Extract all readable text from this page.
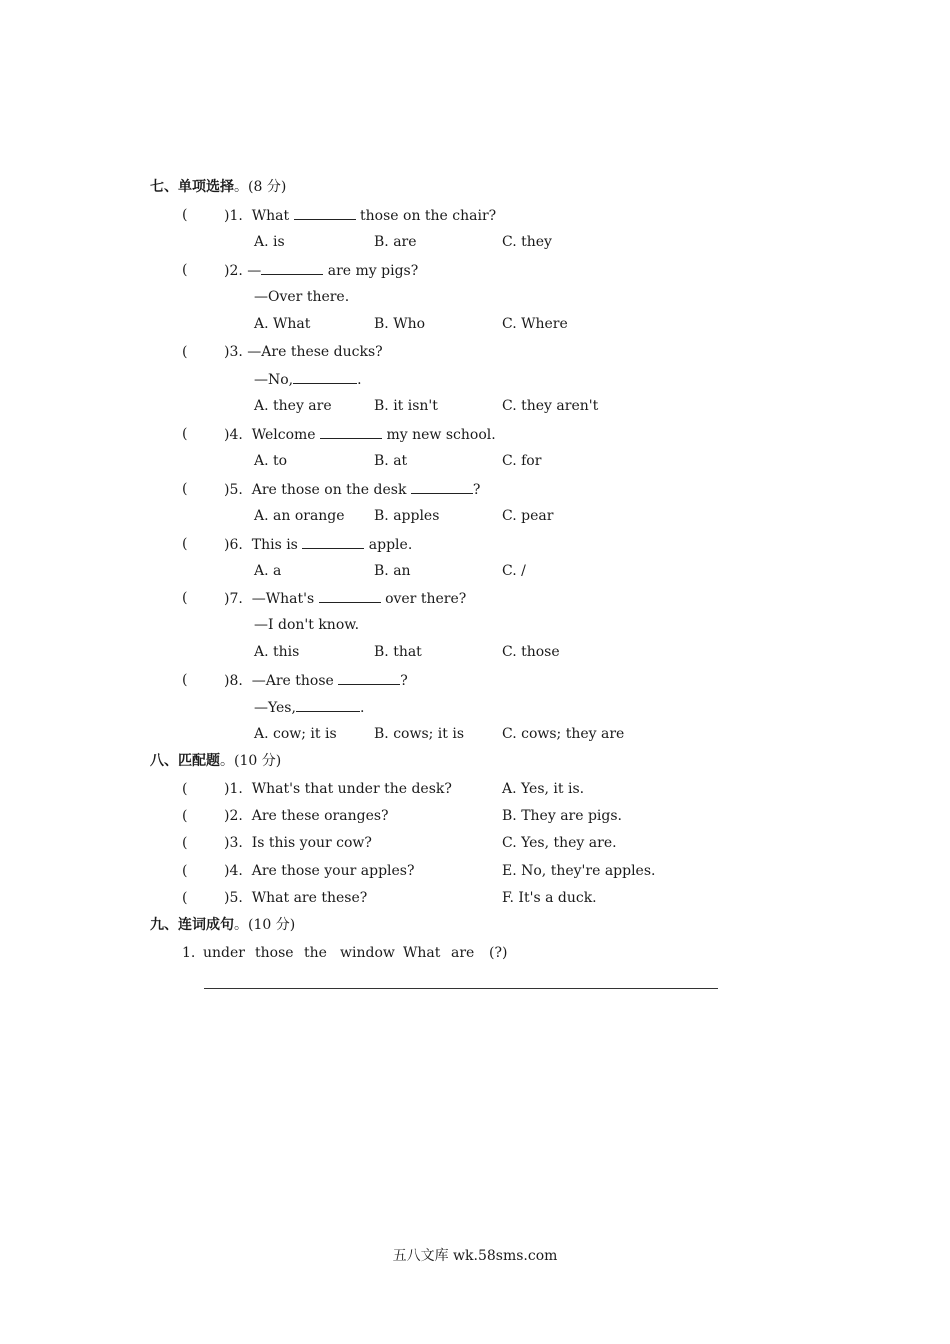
七、单项选择。(8 分)
(	)1. What	those on the chair?
A. is	B. are	C. they
(	)2. —	are my pigs?
—Over there.
A. What	B. Who	C. Where
(	)3. —Are these ducks?
—No,	.
A. they are	B. it isn't	C. they aren't
(	)4. Welcome	my new school.
A. to	B. at	C. for
(	)5. Are those on the desk	?
A. an orange B. apples	C. pear
(	)6. This is	apple.
A. a	B. an	C. /
(	)7. —What's	over there?
—I don't know.
A. this	B. that	C. those
(	)8. —Are those	?
—Yes,	.
A. cow; it is	B. cows; it is	C. cows; they are
八、匹配题。(10 分)
(	)1. What's that under the desk?	A. Yes, it is.
(	)2. Are these oranges?	B. They are pigs.
(	)3. Is this your cow?	C. Yes, they are.
(	)4. Are those your apples?	E. No, they're apples.
(	)5. What are these?	F. It's a duck.
九、连词成句。(10 分)
1. under those the window What are (?)
五八文库 wk.58sms.com
